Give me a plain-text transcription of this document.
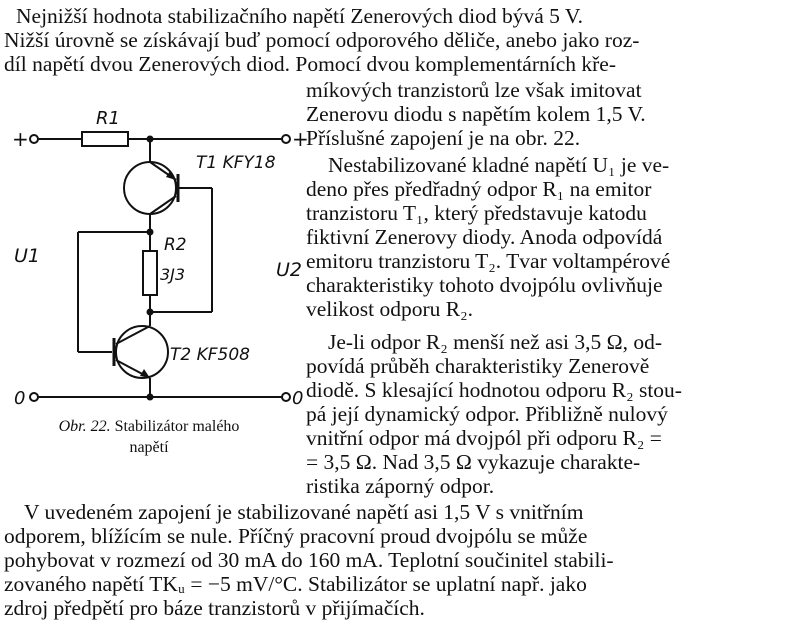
Nejnižší hodnota stabilizačního napětí Zenerových diod bývá 5 V.
Nižší úrovně se získávají buď pomocí odporového děliče, anebo jako roz-
díl napětí dvou Zenerových diod. Pomocí dvou komplementárních kře-
míkových tranzistorů lze však imitovat
Zenerovu diodu s napětím kolem 1,5 V.
Příslušné zapojení je na obr. 22.
Nestabilizované kladné napětí U₁ je ve-
deno přes předřadný odpor R₁ na emitor
tranzistoru T₁, který představuje katodu
fiktivní Zenerovy diody. Anoda odpovídá
emitoru tranzistoru T₂. Tvar voltampérové
charakteristiky tohoto dvojpólu ovlivňuje
velikost odporu R₂.
Je-li odpor R₂ menší než asi 3,5 Ω, od-
povídá průběh charakteristiky Zenerově
diodě. S klesající hodnotou odporu R₂ stou-
pá její dynamický odpor. Přibližně nulový
vnitřní odpor má dvojpól při odporu R₂ =
= 3,5 Ω. Nad 3,5 Ω vykazuje charakte-
ristika záporný odpor.
V uvedeném zapojení je stabilizované napětí asi 1,5 V s vnitřním
odporem, blížícím se nule. Příčný pracovní proud dvojpólu se může
pohybovat v rozmezí od 30 mA do 160 mA. Teplotní součinitel stabili-
zovaného napětí TKᵤ = −5 mV/°C. Stabilizátor se uplatní např. jako
zdroj předpětí pro báze tranzistorů v přijímačích.
R1
T1 KFY18
R2
3J3
T2 KF508
U1
U2
+	+
0	0
Obr. 22. Stabilizátor malého
napětí
